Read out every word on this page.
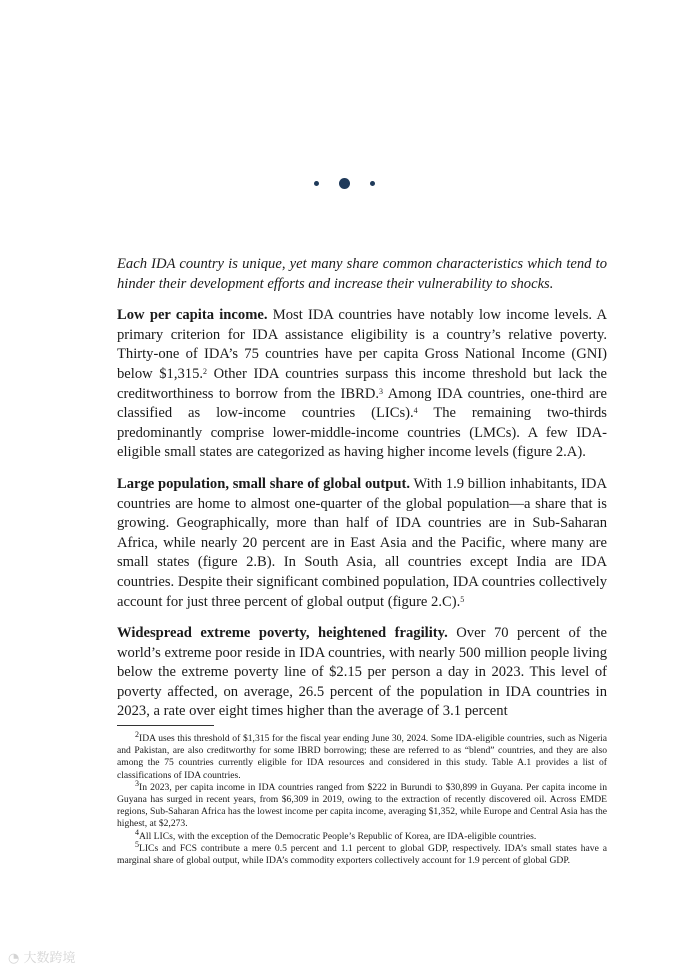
Each IDA country is unique, yet many share common characteristics which tend to hinder their development efforts and increase their vulnerability to shocks.

Low per capita income. Most IDA countries have notably low income levels. A primary criterion for IDA assistance eligibility is a country’s relative poverty. Thirty-one of IDA’s 75 countries have per capita Gross National Income (GNI) below $1,315.$^2$ Other IDA countries surpass this income threshold but lack the creditworthiness to borrow from the IBRD.$^3$ Among IDA countries, one-third are classified as low-income countries (LICs).$^4$ The remaining two-thirds predominantly comprise lower-middle-income countries (LMCs). A few IDA-eligible small states are categorized as having higher income levels (figure 2.A).

Large population, small share of global output. With 1.9 billion inhabitants, IDA countries are home to almost one-quarter of the global population—a share that is growing. Geographically, more than half of IDA countries are in Sub-Saharan Africa, while nearly 20 percent are in East Asia and the Pacific, where many are small states (figure 2.B). In South Asia, all countries except India are IDA countries. Despite their significant combined population, IDA countries collectively account for just three percent of global output (figure 2.C).$^5$

Widespread extreme poverty, heightened fragility. Over 70 percent of the world’s extreme poor reside in IDA countries, with nearly 500 million people living below the extreme poverty line of $2.15 per person a day in 2023. This level of poverty affected, on average, 26.5 percent of the population in IDA countries in 2023, a rate over eight times higher than the average of 3.1 percent

$^2$IDA uses this threshold of $1,315 for the fiscal year ending June 30, 2024. Some IDA-eligible countries, such as Nigeria and Pakistan, are also creditworthy for some IBRD borrowing; these are referred to as “blend” countries, and they are also among the 75 countries currently eligible for IDA resources and considered in this study. Table A.1 provides a list of classifications of IDA countries.

$^3$In 2023, per capita income in IDA countries ranged from $222 in Burundi to $30,899 in Guyana. Per capita income in Guyana has surged in recent years, from $6,309 in 2019, owing to the extraction of recently discovered oil. Across EMDE regions, Sub-Saharan Africa has the lowest income per capita income, averaging $1,352, while Europe and Central Asia has the highest, at $2,273.

$^4$All LICs, with the exception of the Democratic People’s Republic of Korea, are IDA-eligible countries.

$^5$LICs and FCS contribute a mere 0.5 percent and 1.1 percent to global GDP, respectively. IDA’s small states have a marginal share of global output, while IDA’s commodity exporters collectively account for 1.9 percent of global GDP.

◔ 大数跨境
